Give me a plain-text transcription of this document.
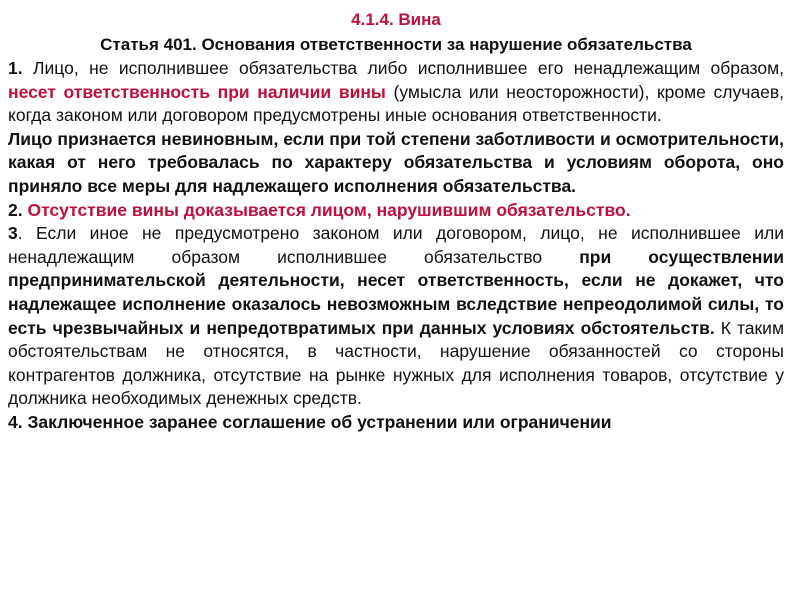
4.1.4. Вина
Статья 401. Основания ответственности за нарушение обязательства

1. Лицо, не исполнившее обязательства либо исполнившее его ненадлежащим образом, несет ответственность при наличии вины (умысла или неосторожности), кроме случаев, когда законом или договором предусмотрены иные основания ответственности.

Лицо признается невиновным, если при той степени заботливости и осмотрительности, какая от него требовалась по характеру обязательства и условиям оборота, оно приняло все меры для надлежащего исполнения обязательства.

2. Отсутствие вины доказывается лицом, нарушившим обязательство.

3. Если иное не предусмотрено законом или договором, лицо, не исполнившее или ненадлежащим образом исполнившее обязательство при осуществлении предпринимательской деятельности, несет ответственность, если не докажет, что надлежащее исполнение оказалось невозможным вследствие непреодолимой силы, то есть чрезвычайных и непредотвратимых при данных условиях обстоятельств. К таким обстоятельствам не относятся, в частности, нарушение обязанностей со стороны контрагентов должника, отсутствие на рынке нужных для исполнения товаров, отсутствие у должника необходимых денежных средств.

4. Заключенное заранее соглашение об устранении или ограничении
